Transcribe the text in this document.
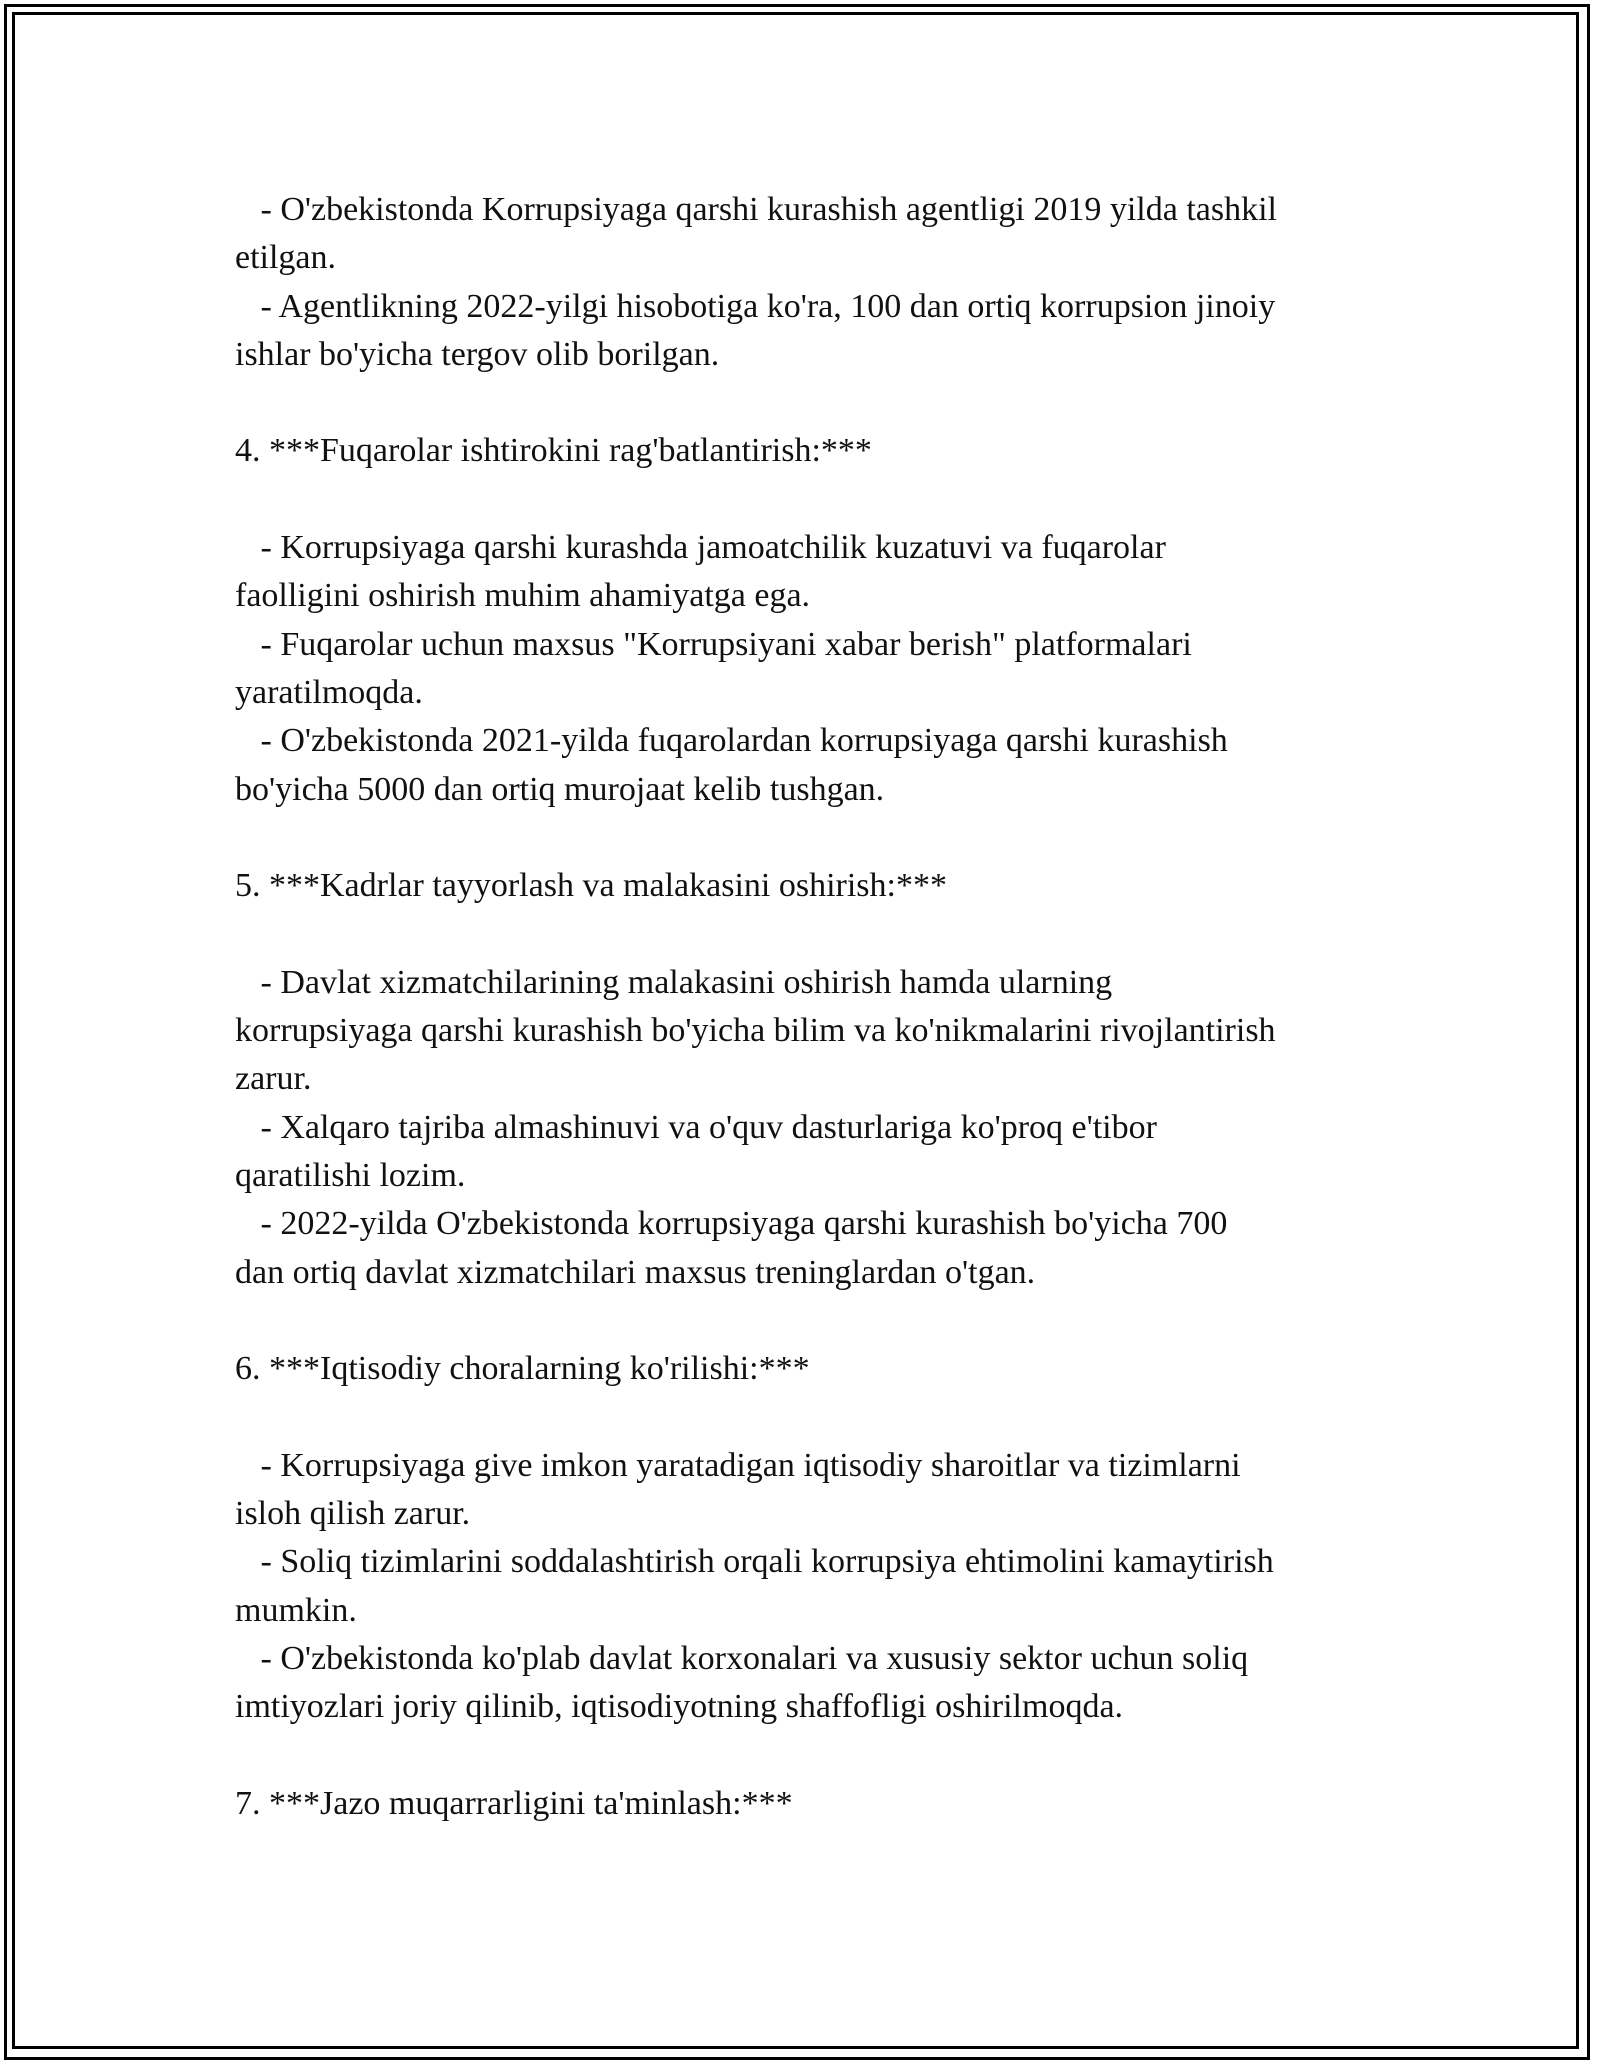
- O'zbekistonda Korrupsiyaga qarshi kurashish agentligi 2019 yilda tashkil
etilgan.
- Agentlikning 2022-yilgi hisobotiga ko'ra, 100 dan ortiq korrupsion jinoiy
ishlar bo'yicha tergov olib borilgan.
4. ***Fuqarolar ishtirokini rag'batlantirish:***
- Korrupsiyaga qarshi kurashda jamoatchilik kuzatuvi va fuqarolar
faolligini oshirish muhim ahamiyatga ega.
- Fuqarolar uchun maxsus "Korrupsiyani xabar berish" platformalari
yaratilmoqda.
- O'zbekistonda 2021-yilda fuqarolardan korrupsiyaga qarshi kurashish
bo'yicha 5000 dan ortiq murojaat kelib tushgan.
5. ***Kadrlar tayyorlash va malakasini oshirish:***
- Davlat xizmatchilarining malakasini oshirish hamda ularning
korrupsiyaga qarshi kurashish bo'yicha bilim va ko'nikmalarini rivojlantirish
zarur.
- Xalqaro tajriba almashinuvi va o'quv dasturlariga ko'proq e'tibor
qaratilishi lozim.
- 2022-yilda O'zbekistonda korrupsiyaga qarshi kurashish bo'yicha 700
dan ortiq davlat xizmatchilari maxsus treninglardan o'tgan.
6. ***Iqtisodiy choralarning ko'rilishi:***
- Korrupsiyaga give imkon yaratadigan iqtisodiy sharoitlar va tizimlarni
isloh qilish zarur.
- Soliq tizimlarini soddalashtirish orqali korrupsiya ehtimolini kamaytirish
mumkin.
- O'zbekistonda ko'plab davlat korxonalari va xususiy sektor uchun soliq
imtiyozlari joriy qilinib, iqtisodiyotning shaffofligi oshirilmoqda.
7. ***Jazo muqarrarligini ta'minlash:***
